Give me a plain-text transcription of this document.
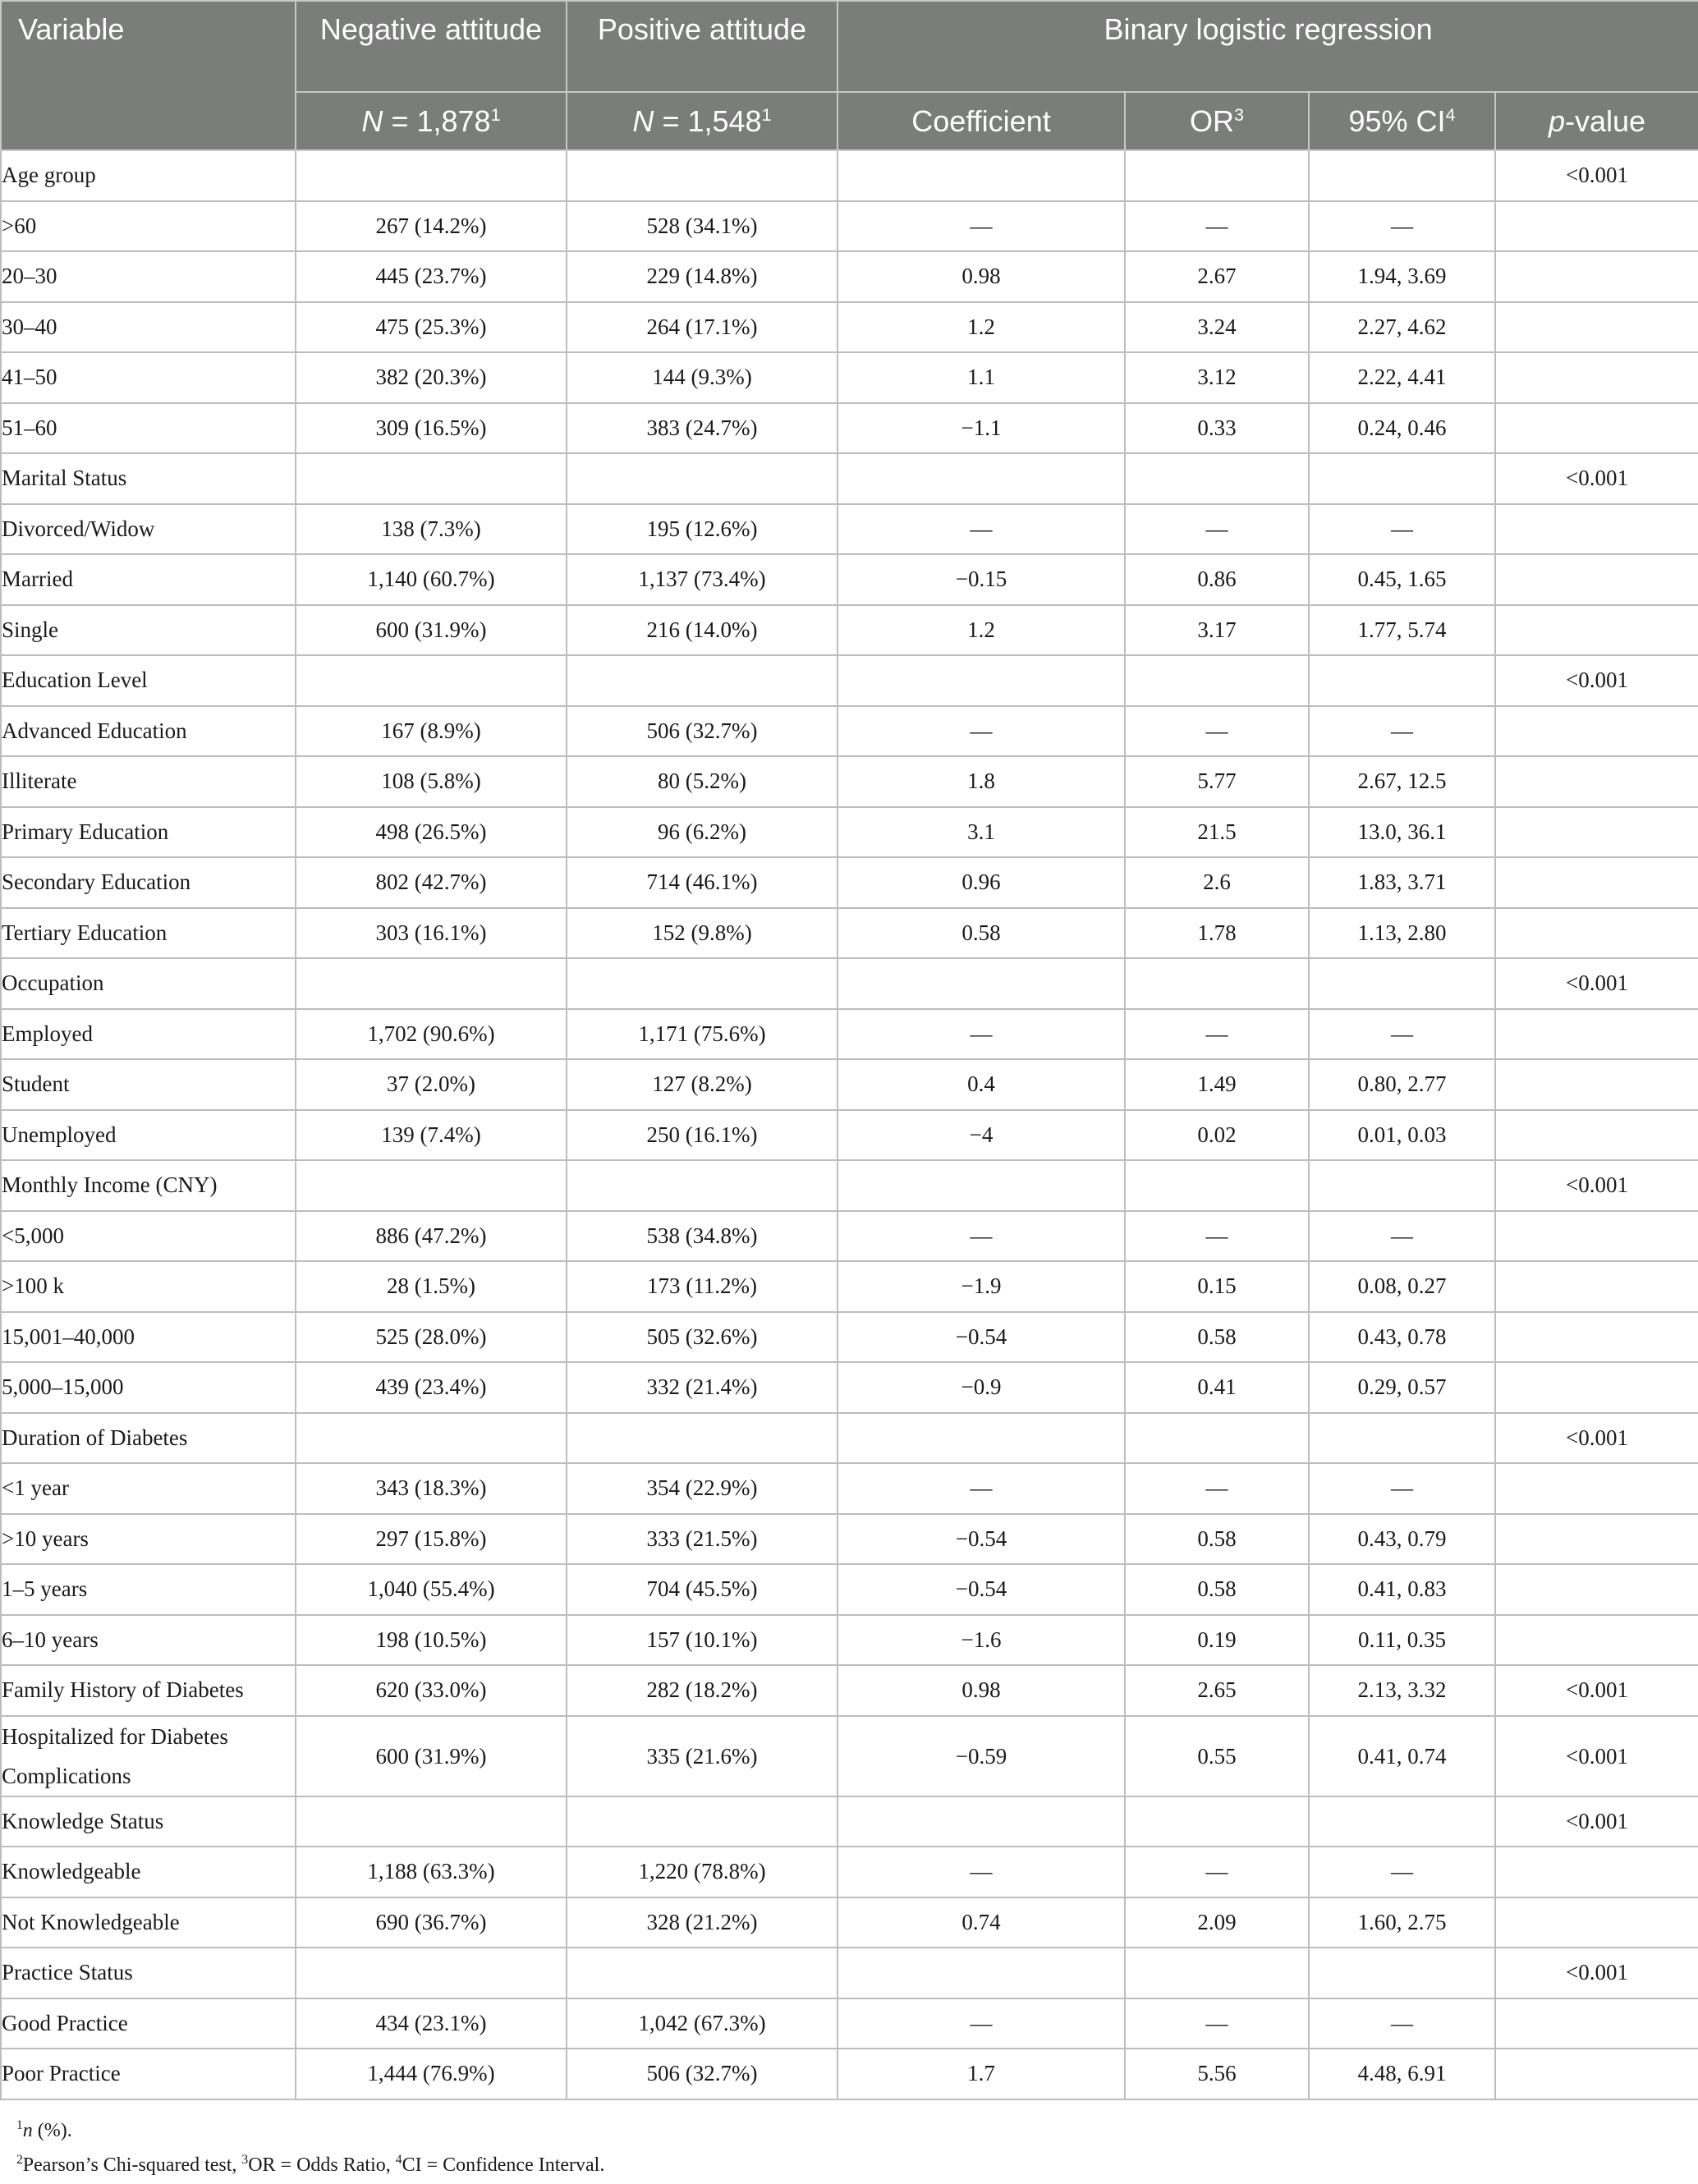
Variable	Negative attitude	Positive attitude	Binary logistic regression			
	$N = 1,878^1$	$N = 1,548^1$	Coefficient	$OR^3$	95% $CI^4$	p-value
Age group						<0.001
>60	267 (14.2%)	528 (34.1%)	—	—	—	
20–30	445 (23.7%)	229 (14.8%)	0.98	2.67	1.94, 3.69	
30–40	475 (25.3%)	264 (17.1%)	1.2	3.24	2.27, 4.62	
41–50	382 (20.3%)	144 (9.3%)	1.1	3.12	2.22, 4.41	
51–60	309 (16.5%)	383 (24.7%)	−1.1	0.33	0.24, 0.46	
Marital Status						<0.001
Divorced/Widow	138 (7.3%)	195 (12.6%)	—	—	—	
Married	1,140 (60.7%)	1,137 (73.4%)	−0.15	0.86	0.45, 1.65	
Single	600 (31.9%)	216 (14.0%)	1.2	3.17	1.77, 5.74	
Education Level						<0.001
Advanced Education	167 (8.9%)	506 (32.7%)	—	—	—	
Illiterate	108 (5.8%)	80 (5.2%)	1.8	5.77	2.67, 12.5	
Primary Education	498 (26.5%)	96 (6.2%)	3.1	21.5	13.0, 36.1	
Secondary Education	802 (42.7%)	714 (46.1%)	0.96	2.6	1.83, 3.71	
Tertiary Education	303 (16.1%)	152 (9.8%)	0.58	1.78	1.13, 2.80	
Occupation						<0.001
Employed	1,702 (90.6%)	1,171 (75.6%)	—	—	—	
Student	37 (2.0%)	127 (8.2%)	0.4	1.49	0.80, 2.77	
Unemployed	139 (7.4%)	250 (16.1%)	−4	0.02	0.01, 0.03	
Monthly Income (CNY)						<0.001
<5,000	886 (47.2%)	538 (34.8%)	—	—	—	
>100 k	28 (1.5%)	173 (11.2%)	−1.9	0.15	0.08, 0.27	
15,001–40,000	525 (28.0%)	505 (32.6%)	−0.54	0.58	0.43, 0.78	
5,000–15,000	439 (23.4%)	332 (21.4%)	−0.9	0.41	0.29, 0.57	
Duration of Diabetes						<0.001
<1 year	343 (18.3%)	354 (22.9%)	—	—	—	
>10 years	297 (15.8%)	333 (21.5%)	−0.54	0.58	0.43, 0.79	
1–5 years	1,040 (55.4%)	704 (45.5%)	−0.54	0.58	0.41, 0.83	
6–10 years	198 (10.5%)	157 (10.1%)	−1.6	0.19	0.11, 0.35	
Family History of Diabetes	620 (33.0%)	282 (18.2%)	0.98	2.65	2.13, 3.32	<0.001
Hospitalized for Diabetes Complications	600 (31.9%)	335 (21.6%)	−0.59	0.55	0.41, 0.74	<0.001
Knowledge Status						<0.001
Knowledgeable	1,188 (63.3%)	1,220 (78.8%)	—	—	—	
Not Knowledgeable	690 (36.7%)	328 (21.2%)	0.74	2.09	1.60, 2.75	
Practice Status						<0.001
Good Practice	434 (23.1%)	1,042 (67.3%)	—	—	—	
Poor Practice	1,444 (76.9%)	506 (32.7%)	1.7	5.56	4.48, 6.91	
$^1$n (%).
$^2$Pearson’s Chi-squared test, $^3$OR = Odds Ratio, $^4$CI = Confidence Interval.
